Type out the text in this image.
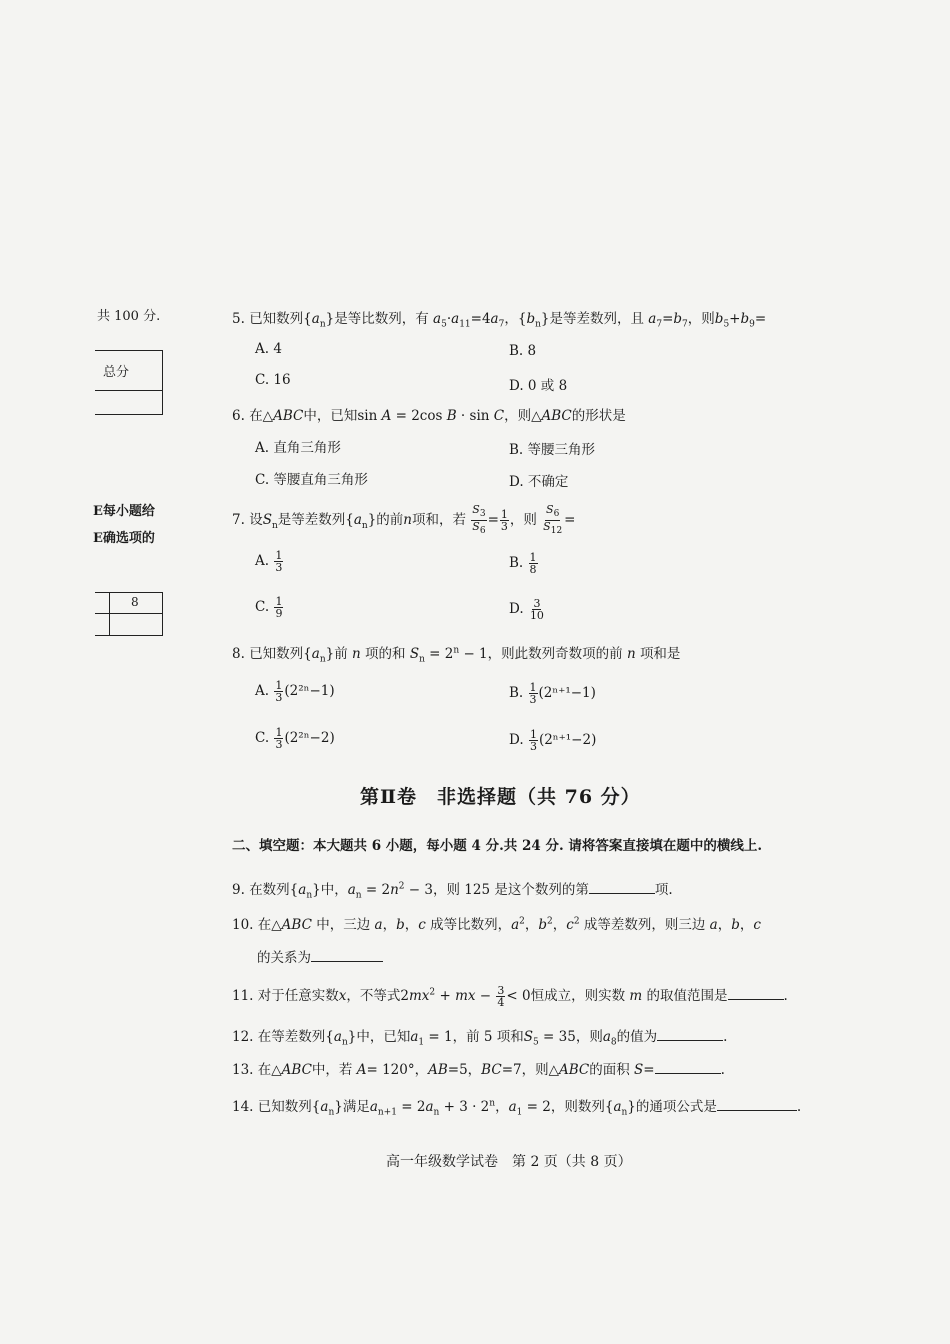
共 100 分.
总分
E每小题给
E确选项的
8
5. 已知数列$\{a_n\}$是等比数列，有 $a_5\cdot a_{11}=4a_7$，$\{b_n\}$是等差数列，且 $a_7=b_7$，则$b_5+b_9=$
A. 4	B. 8
C. 16	D. 0 或 8
6. 在△ABC中，已知sin A = 2cos B · sin C，则△ABC的形状是
A. 直角三角形	B. 等腰三角形
C. 等腰直角三角形	D. 不确定
7. 设$S_n$是等差数列$\{a_n\}$的前n项和，若 $\frac{S_3}{S_6} = \frac{1}{3}$ ，则 $\frac{S_6}{S_{12}}$ =
A. $\frac{1}{3}$	B. $\frac{1}{8}$
C. $\frac{1}{9}$	D. $\frac{3}{10}$
8. 已知数列$\{a_n\}$前 n 项的和 $S_n = 2^n - 1$，则此数列奇数项的前 n 项和是
A. $\frac{1}{3} (2^{2n}-1)$	B. $\frac{1}{3} (2^{n+1}-1)$
C. $\frac{1}{3} (2^{2n}-2)$	D. $\frac{1}{3} (2^{n+1}-2)$
第Ⅱ卷　非选择题（共 76 分）
二、填空题：本大题共 6 小题，每小题 4 分.共 24 分. 请将答案直接填在题中的横线上.
9. 在数列$\{a_n\}$中，$a_n = 2n^2 - 3$，则 125 是这个数列的第	项.
10. 在△ABC 中，三边 a，b，c 成等比数列，$a^2$，$b^2$，$c^2$ 成等差数列，则三边 a，b，c
的关系为
11. 对于任意实数x，不等式$2mx^2$ + mx − $\frac{3}{4} < 0$恒成立，则实数 m 的取值范围是	.
12. 在等差数列$\{a_n\}$中，已知$a_1 = 1$，前 5 项和$S_5 = 35$，则$a_8$的值为	.
13. 在△ABC中，若 A= 120°，AB=5，BC=7，则△ABC的面积 S=	.
14. 已知数列$\{a_n\}$满足$a_{n+1} = 2a_n + 3 \cdot 2^n$，$a_1 = 2$，则数列$\{a_n\}$的通项公式是	.
高一年级数学试卷　第 2 页（共 8 页）
